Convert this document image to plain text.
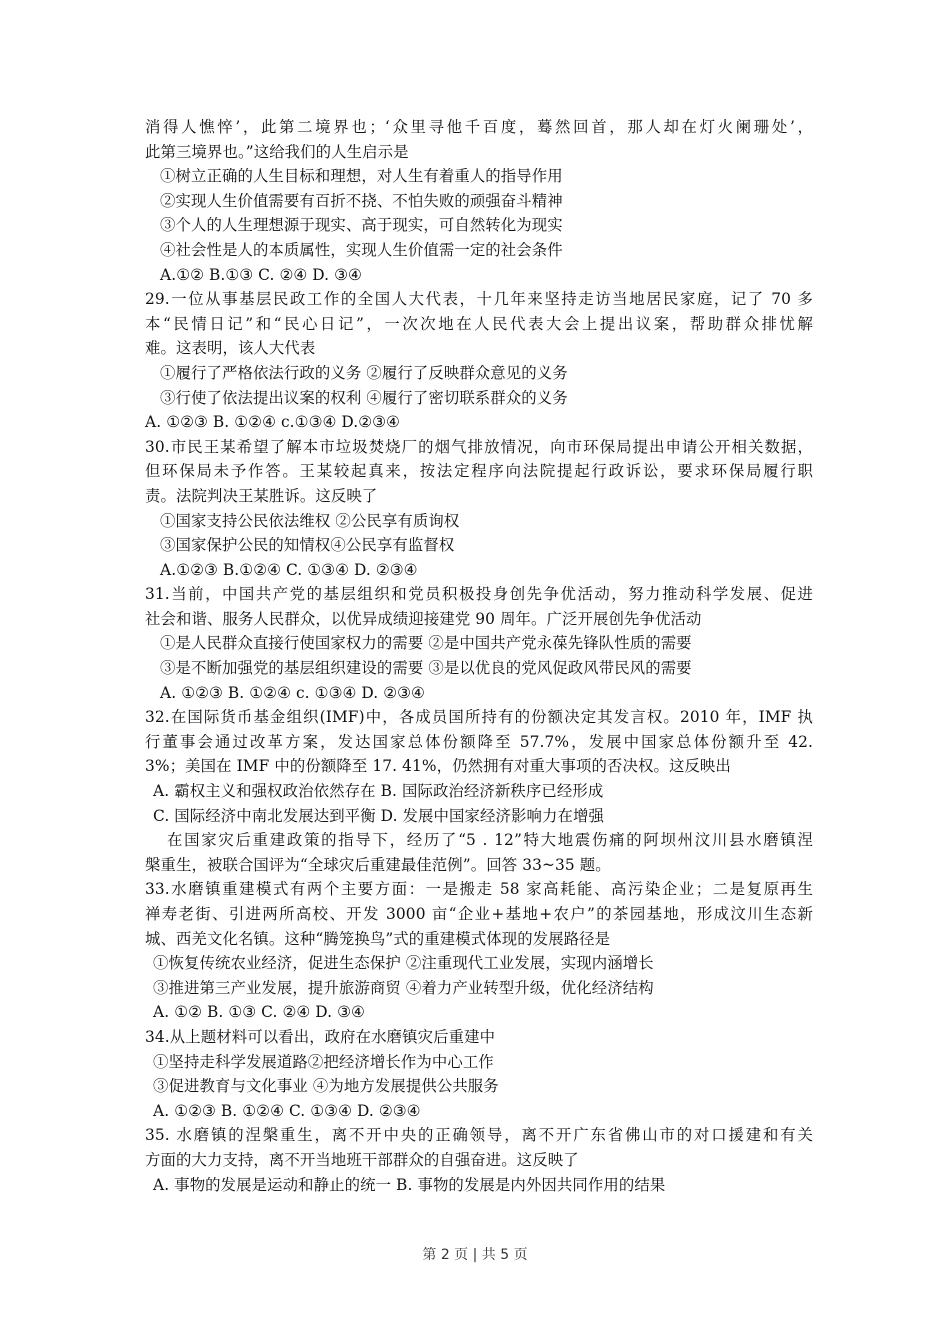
消得人憔悴’，此第二境界也；‘众里寻他千百度，蓦然回首，那人却在灯火阑珊处’，
此第三境界也。”这给我们的人生启示是
①树立正确的人生目标和理想，对人生有着重人的指导作用
②实现人生价值需要有百折不挠、不怕失败的顽强奋斗精神
③个人的人生理想源于现实、高于现实，可自然转化为现实
④社会性是人的本质属性，实现人生价值需一定的社会条件
A.①② B.①③ C. ②④ D. ③④
29.一位从事基层民政工作的全国人大代表，十几年来坚持走访当地居民家庭，记了 70 多
本“民情日记”和“民心日记”，一次次地在人民代表大会上提出议案，帮助群众排忧解
难。这表明，该人大代表
①履行了严格依法行政的义务 ②履行了反映群众意见的义务
③行使了依法提出议案的权利 ④履行了密切联系群众的义务
A. ①②③ B. ①②④ c.①③④ D.②③④
30.市民王某希望了解本市垃圾焚烧厂的烟气排放情况，向市环保局提出申请公开相关数据，
但环保局未予作答。王某较起真来，按法定程序向法院提起行政诉讼，要求环保局履行职
责。法院判决王某胜诉。这反映了
①国家支持公民依法维权 ②公民享有质询权
③国家保护公民的知情权④公民享有监督权
A.①②③ B.①②④ C. ①③④ D. ②③④
31.当前，中国共产党的基层组织和党员积极投身创先争优活动，努力推动科学发展、促进
社会和谐、服务人民群众，以优异成绩迎接建党 90 周年。广泛开展创先争优活动
①是人民群众直接行使国家权力的需要 ②是中国共产党永葆先锋队性质的需要
③是不断加强党的基层组织建设的需要 ③是以优良的党风促政风带民风的需要
A. ①②③ B. ①②④ c. ①③④ D. ②③④
32.在国际货币基金组织(IMF)中，各成员国所持有的份额决定其发言权。2010 年，IMF 执
行董事会通过改革方案，发达国家总体份额降至 57.7%，发展中国家总体份额升至 42.
3%；美国在 IMF 中的份额降至 17. 41%，仍然拥有对重大事项的否决权。这反映出
A. 霸权主义和强权政治依然存在 B. 国际政治经济新秩序已经形成
C. 国际经济中南北发展达到平衡 D. 发展中国家经济影响力在增强
在国家灾后重建政策的指导下，经历了“5 . 12”特大地震伤痛的阿坝州汶川县水磨镇涅
槃重生，被联合国评为“全球灾后重建最佳范例”。回答 33~35 题。
33.水磨镇重建模式有两个主要方面：一是搬走 58 家高耗能、高污染企业；二是复原再生
禅寿老街、引进两所高校、开发 3000 亩“企业+基地+农户”的茶园基地，形成汶川生态新
城、西羌文化名镇。这种“腾笼换鸟”式的重建模式体现的发展路径是
①恢复传统农业经济，促进生态保护 ②注重现代工业发展，实现内涵增长
③推进第三产业发展，提升旅游商贸 ④着力产业转型升级，优化经济结构
A. ①② B. ①③ C. ②④ D. ③④
34.从上题材料可以看出，政府在水磨镇灾后重建中
①坚持走科学发展道路②把经济增长作为中心工作
③促进教育与文化事业 ④为地方发展提供公共服务
A. ①②③ B. ①②④ C. ①③④ D. ②③④
35. 水磨镇的涅槃重生，离不开中央的正确领导，离不开广东省佛山市的对口援建和有关
方面的大力支持，离不开当地班干部群众的自强奋进。这反映了
A. 事物的发展是运动和静止的统一 B. 事物的发展是内外因共同作用的结果
第 2 页 | 共 5 页
